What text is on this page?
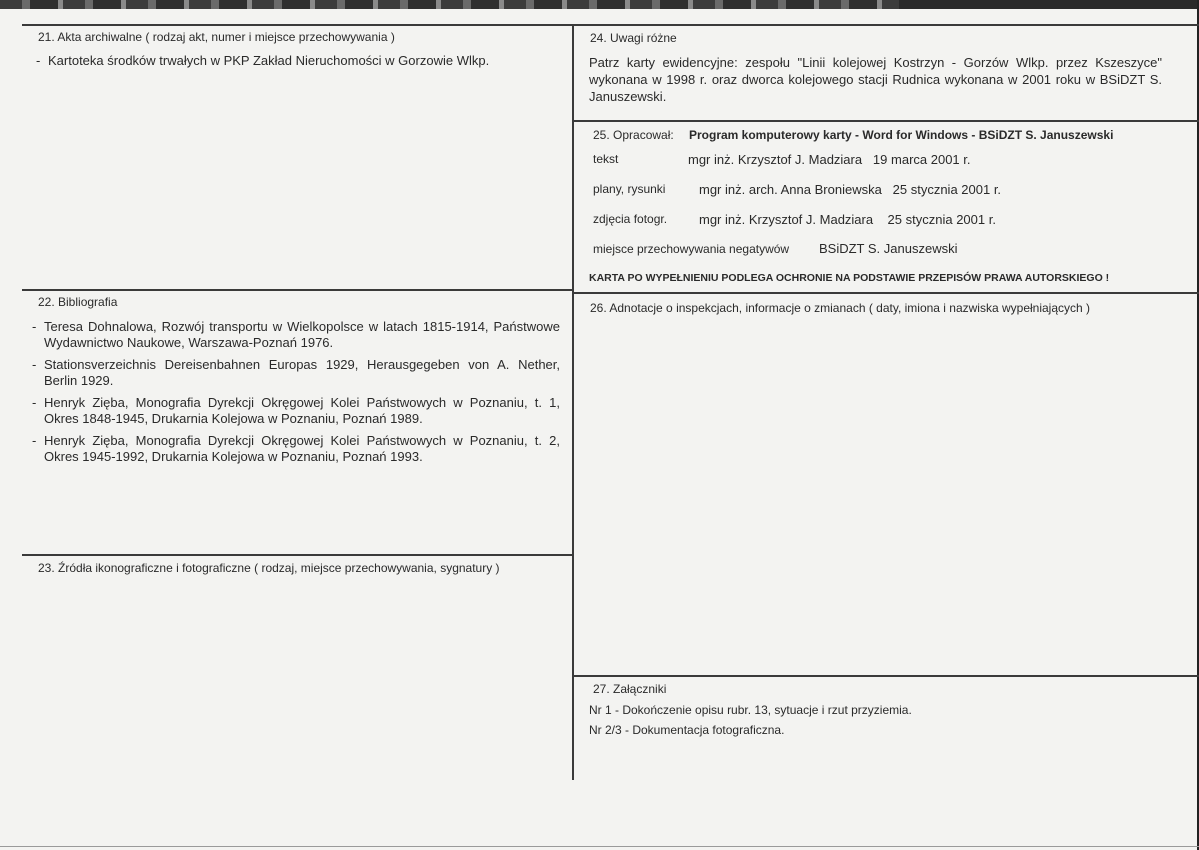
21. Akta archiwalne ( rodzaj akt, numer i miejsce przechowywania )
- Kartoteka środków trwałych w PKP Zakład Nieruchomości w Gorzowie Wlkp.
22. Bibliografia
- Teresa Dohnalowa, Rozwój transportu w Wielkopolsce w latach 1815-1914, Państwowe Wydawnictwo Naukowe, Warszawa-Poznań 1976.
- Stationsverzeichnis Dereisenbahnen Europas 1929, Herausgegeben von A. Nether, Berlin 1929.
- Henryk Zięba, Monografia Dyrekcji Okręgowej Kolei Państwowych w Poznaniu, t. 1, Okres 1848-1945, Drukarnia Kolejowa w Poznaniu, Poznań 1989.
- Henryk Zięba, Monografia Dyrekcji Okręgowej Kolei Państwowych w Poznaniu, t. 2, Okres 1945-1992, Drukarnia Kolejowa w Poznaniu, Poznań 1993.
23. Źródła ikonograficzne i fotograficzne ( rodzaj, miejsce przechowywania, sygnatury )
24. Uwagi różne
Patrz karty ewidencyjne: zespołu "Linii kolejowej Kostrzyn - Gorzów Wlkp. przez Kszeszyce" wykonana w 1998 r. oraz dworca kolejowego stacji Rudnica wykonana w 2001 roku w BSiDZT S. Januszewski.
25. Opracował: Program komputerowy karty - Word for Windows - BSiDZT S. Januszewski
tekst	mgr inż. Krzysztof J. Madziara   19 marca 2001 r.
plany, rysunki	mgr inż. arch. Anna Broniewska   25 stycznia 2001 r.
zdjęcia fotogr. mgr inż. Krzysztof J. Madziara    25 stycznia 2001 r.
miejsce przechowywania negatywów BSiDZT S. Januszewski
KARTA PO WYPEŁNIENIU PODLEGA OCHRONIE NA PODSTAWIE PRZEPISÓW PRAWA AUTORSKIEGO !
26. Adnotacje o inspekcjach, informacje o zmianach ( daty, imiona i nazwiska wypełniających )
27. Załączniki
Nr 1 - Dokończenie opisu rubr. 13, sytuacje i rzut przyziemia.
Nr 2/3 - Dokumentacja fotograficzna.
